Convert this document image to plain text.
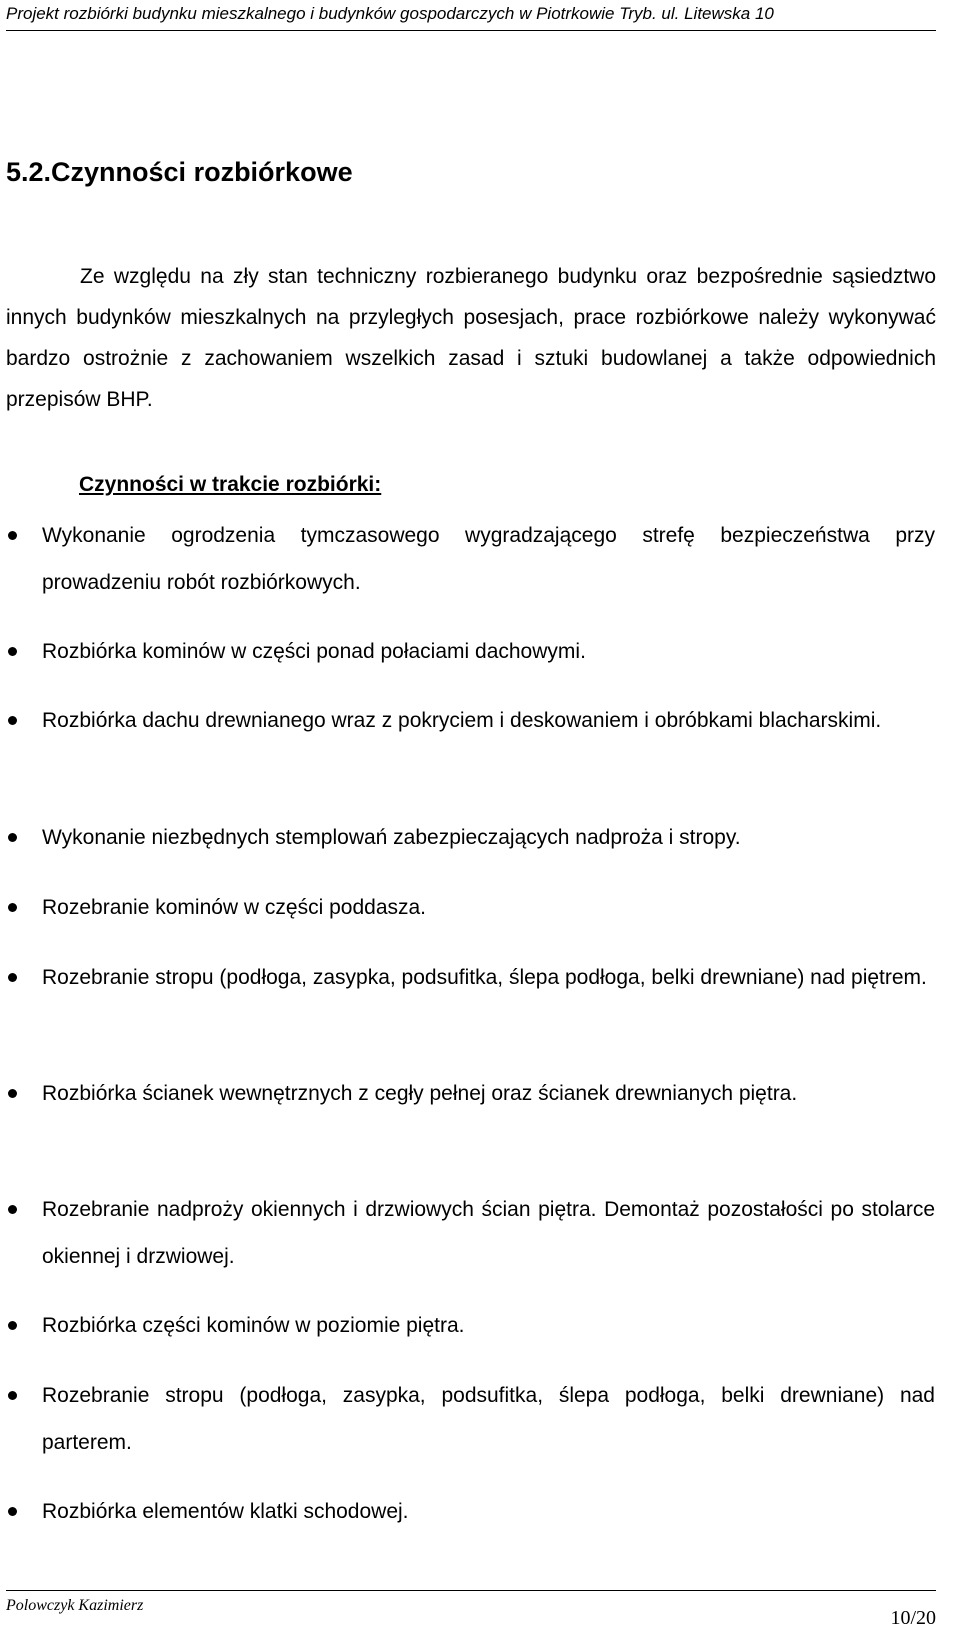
Projekt rozbiórki budynku mieszkalnego i budynków gospodarczych w Piotrkowie Tryb. ul. Litewska 10
5.2.Czynności rozbiórkowe

Ze względu na zły stan techniczny rozbieranego budynku oraz bezpośrednie sąsiedztwo innych budynków mieszkalnych na przyległych posesjach, prace rozbiórkowe należy wykonywać bardzo ostrożnie z zachowaniem wszelkich zasad i sztuki budowlanej a także odpowiednich przepisów BHP.

Czynności w trakcie rozbiórki:
Wykonanie ogrodzenia tymczasowego wygradzającego strefę bezpieczeństwa przy prowadzeniu robót rozbiórkowych.
Rozbiórka kominów w części ponad połaciami dachowymi.
Rozbiórka dachu drewnianego wraz z pokryciem i deskowaniem i obróbkami blacharskimi.
Wykonanie niezbędnych stemplowań zabezpieczających nadproża i stropy.
Rozebranie kominów w części poddasza.
Rozebranie stropu (podłoga, zasypka, podsufitka, ślepa podłoga, belki drewniane) nad piętrem.
Rozbiórka ścianek wewnętrznych z cegły pełnej oraz ścianek drewnianych piętra.
Rozebranie nadproży okiennych i drzwiowych ścian piętra. Demontaż pozostałości po stolarce okiennej i drzwiowej.
Rozbiórka części kominów w poziomie piętra.
Rozebranie stropu (podłoga, zasypka, podsufitka, ślepa podłoga, belki drewniane) nad parterem.
Rozbiórka elementów klatki schodowej.
Polowczyk Kazimierz
10/20
